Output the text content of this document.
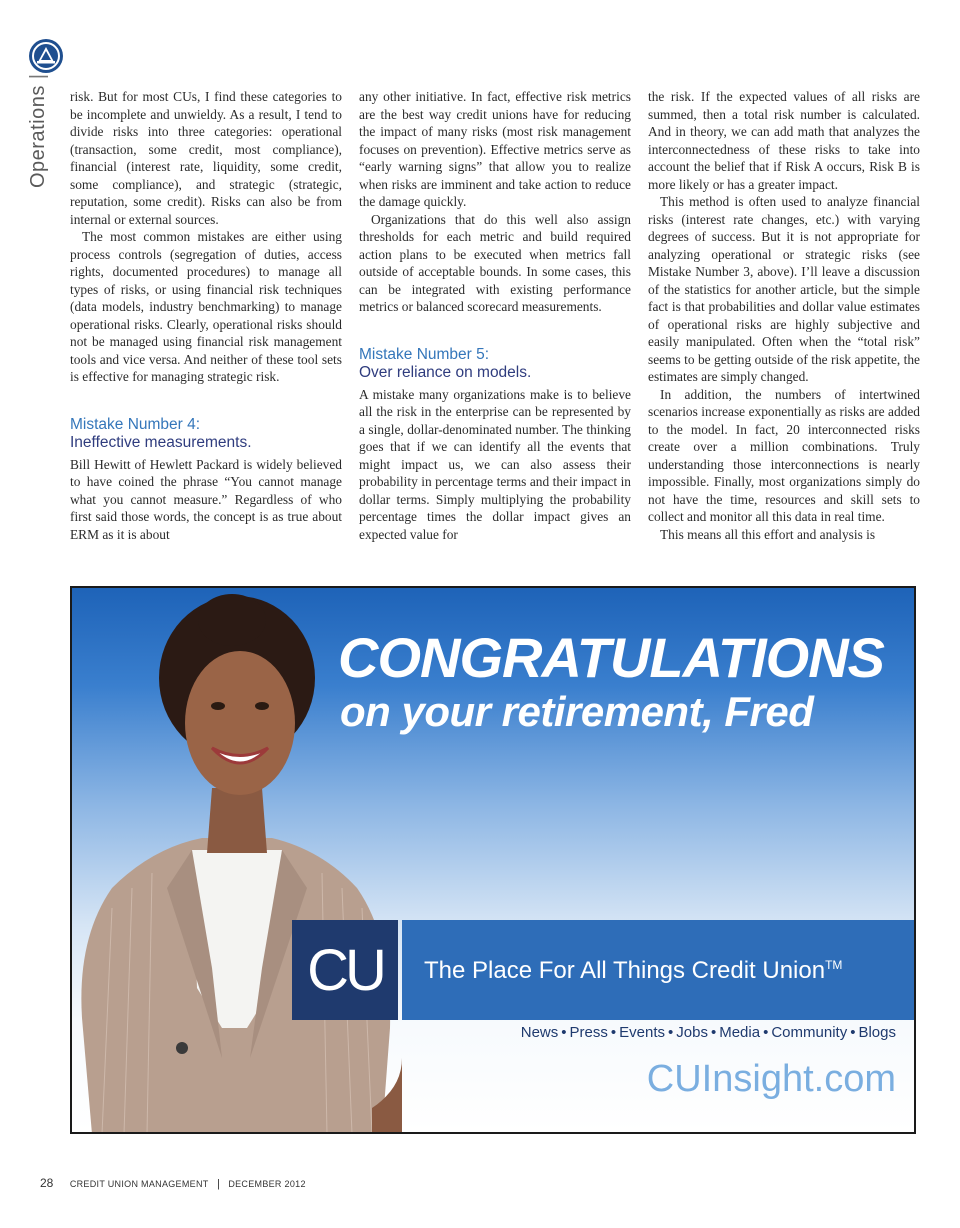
Operations|

risk. But for most CUs, I find these categories to be incomplete and unwieldy. As a result, I tend to divide risks into three categories: operational (transaction, some credit, most compliance), financial (interest rate, liquidity, some credit, some compliance), and strategic (strategic, reputation, some credit). Risks can also be from internal or external sources.

The most common mistakes are either using process controls (segregation of duties, access rights, documented procedures) to manage all types of risks, or using financial risk techniques (data models, industry benchmarking) to manage operational risks. Clearly, operational risks should not be managed using financial risk management tools and vice versa. And neither of these tool sets is effective for managing strategic risk.

Mistake Number 4:
Ineffective measurements.

Bill Hewitt of Hewlett Packard is widely believed to have coined the phrase “You cannot manage what you cannot measure.” Regardless of who first said those words, the concept is as true about ERM as it is about

any other initiative. In fact, effective risk metrics are the best way credit unions have for reducing the impact of many risks (most risk management focuses on prevention). Effective metrics serve as “early warning signs” that allow you to realize when risks are imminent and take action to reduce the damage quickly.

Organizations that do this well also assign thresholds for each metric and build required action plans to be executed when metrics fall outside of acceptable bounds. In some cases, this can be integrated with existing performance metrics or balanced scorecard measurements.

Mistake Number 5:
Over reliance on models.

A mistake many organizations make is to believe all the risk in the enterprise can be represented by a single, dollar-denominated number. The thinking goes that if we can identify all the events that might impact us, we can also assess their probability in percentage terms and their impact in dollar terms. Simply multiplying the probability percentage times the dollar impact gives an expected value for

the risk. If the expected values of all risks are summed, then a total risk number is calculated. And in theory, we can add math that analyzes the interconnectedness of these risks to take into account the belief that if Risk A occurs, Risk B is more likely or has a greater impact.

This method is often used to analyze financial risks (interest rate changes, etc.) with varying degrees of success. But it is not appropriate for analyzing operational or strategic risks (see Mistake Number 3, above). I’ll leave a discussion of the statistics for another article, but the simple fact is that probabilities and dollar value estimates of operational risks are highly subjective and easily manipulated. Often when the “total risk” seems to be getting outside of the risk appetite, the estimates are simply changed.

In addition, the numbers of intertwined scenarios increase exponentially as risks are added to the model. In fact, 20 interconnected risks create over a million combinations. Truly understanding those interconnections is nearly impossible. Finally, most organizations simply do not have the time, resources and skill sets to collect and monitor all this data in real time.

This means all this effort and analysis is

CONGRATULATIONS
on your retirement, Fred
CU	The Place For All Things Credit Union™
News • Press • Events • Jobs • Media • Community • Blogs
CUInsight.com
28 CREDIT UNION MANAGEMENT | DECEMBER 2012
